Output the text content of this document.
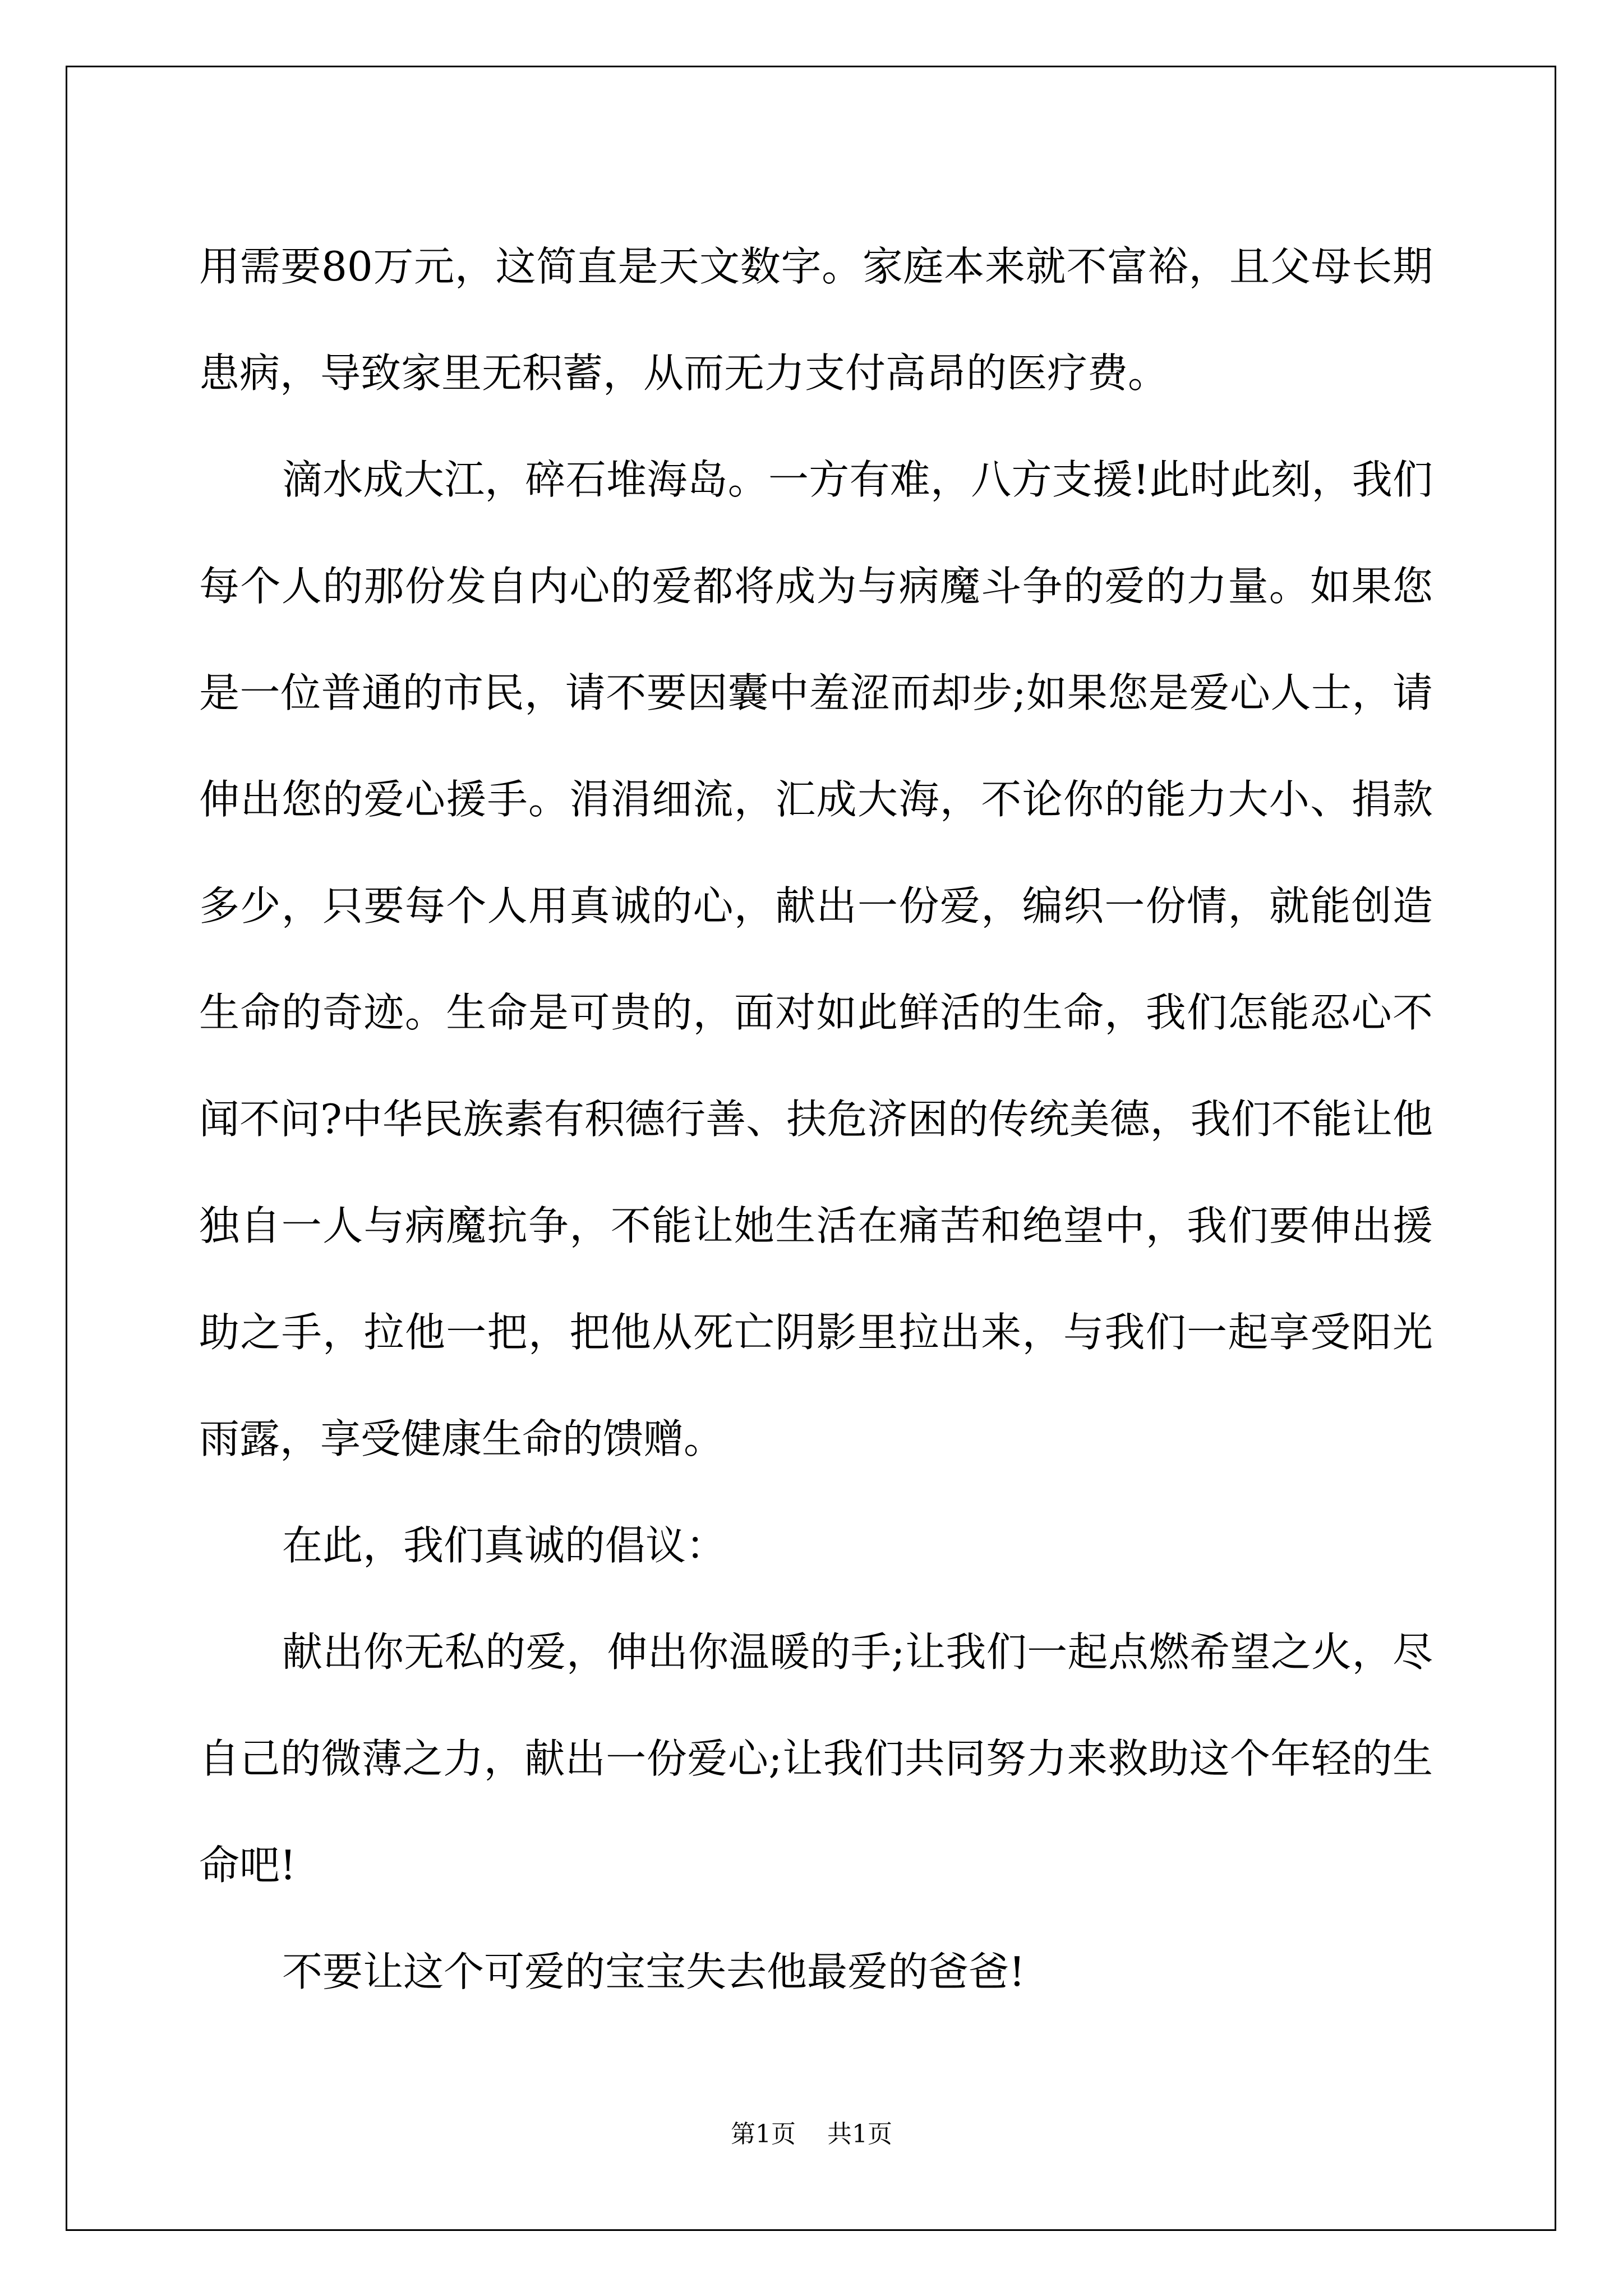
用需要80万元，这简直是天文数字。家庭本来就不富裕，且父母长期
患病，导致家里无积蓄，从而无力支付高昂的医疗费。
滴水成大江，碎石堆海岛。一方有难，八方支援!此时此刻，我们
每个人的那份发自内心的爱都将成为与病魔斗争的爱的力量。如果您
是一位普通的市民，请不要因囊中羞涩而却步;如果您是爱心人士，请
伸出您的爱心援手。涓涓细流，汇成大海，不论你的能力大小、捐款
多少，只要每个人用真诚的心，献出一份爱，编织一份情，就能创造
生命的奇迹。生命是可贵的，面对如此鲜活的生命，我们怎能忍心不
闻不问?中华民族素有积德行善、扶危济困的传统美德，我们不能让他
独自一人与病魔抗争，不能让她生活在痛苦和绝望中，我们要伸出援
助之手，拉他一把，把他从死亡阴影里拉出来，与我们一起享受阳光
雨露，享受健康生命的馈赠。
在此，我们真诚的倡议：
献出你无私的爱，伸出你温暖的手;让我们一起点燃希望之火，尽
自己的微薄之力，献出一份爱心;让我们共同努力来救助这个年轻的生
命吧!
不要让这个可爱的宝宝失去他最爱的爸爸!
第1页 共1页
